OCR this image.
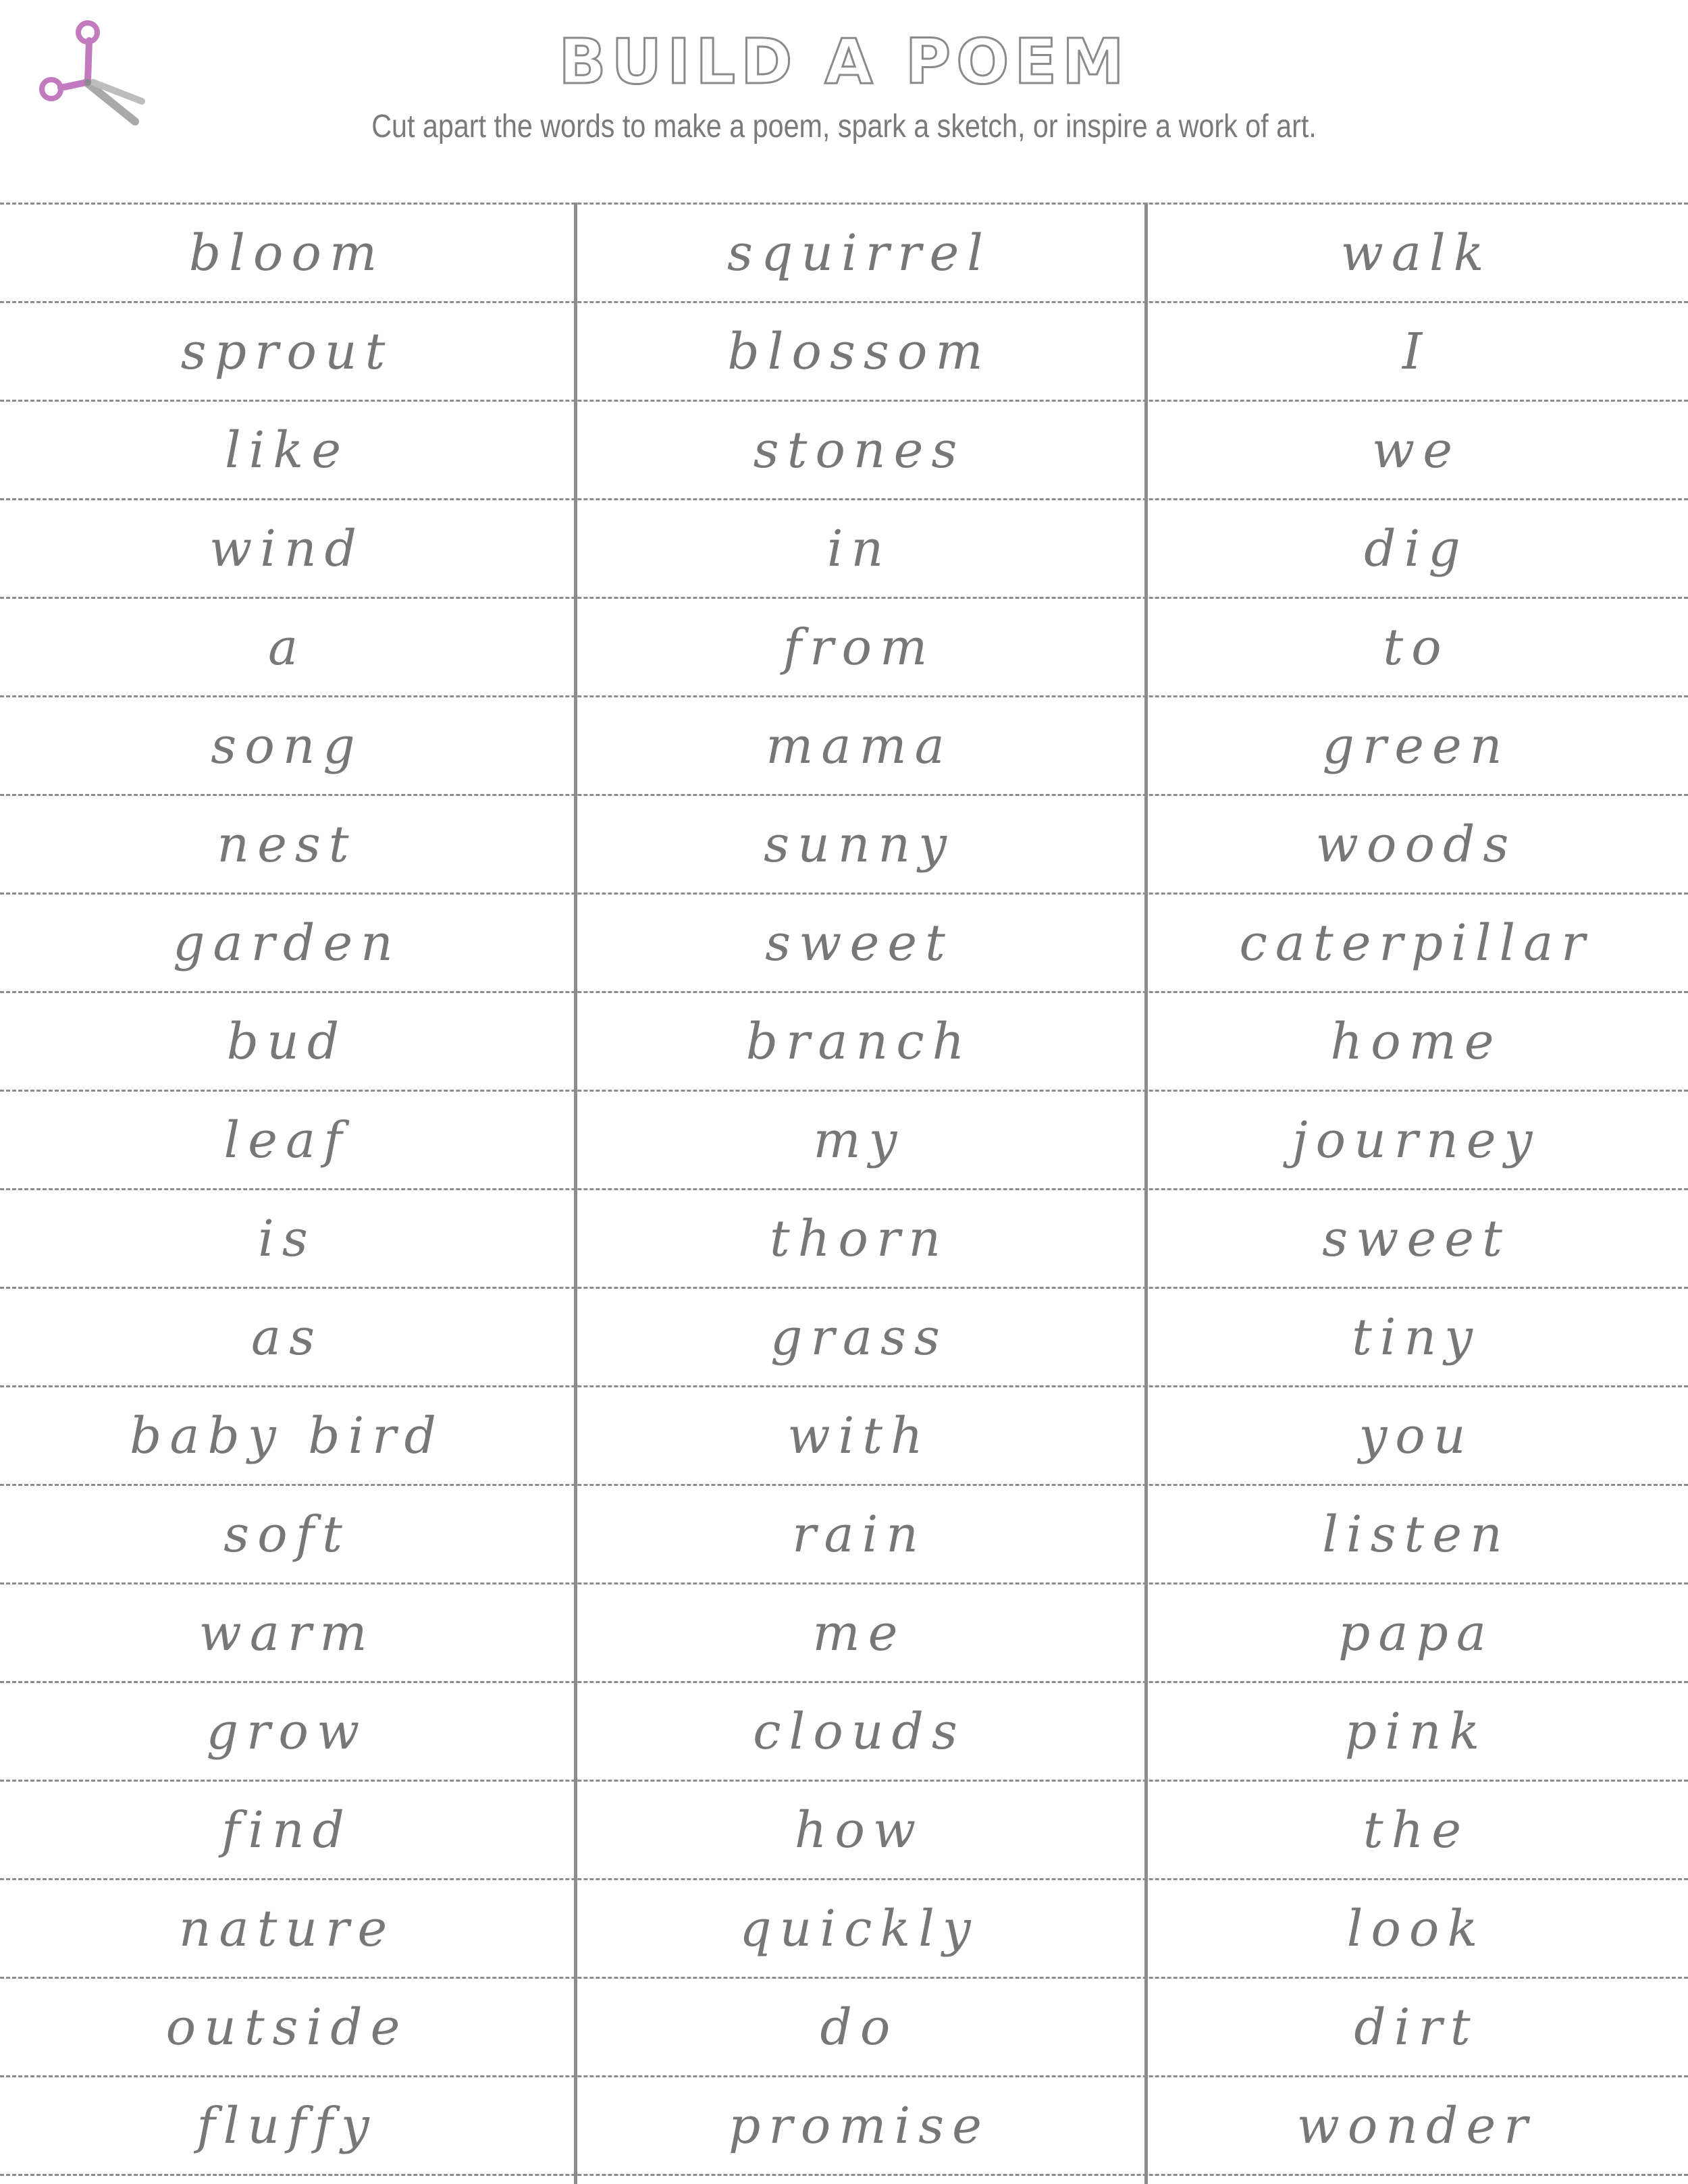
BUILD A POEM
Cut apart the words to make a poem, spark a sketch, or inspire a work of art.
bloom
sprout
like
wind
a
song
nest
garden
bud
leaf
is
as
baby bird
soft
warm
grow
find
nature
outside
fluffy
squirrel
blossom
stones
in
from
mama
sunny
sweet
branch
my
thorn
grass
with
rain
me
clouds
how
quickly
do
promise
walk
I
we
dig
to
green
woods
caterpillar
home
journey
sweet
tiny
you
listen
papa
pink
the
look
dirt
wonder
